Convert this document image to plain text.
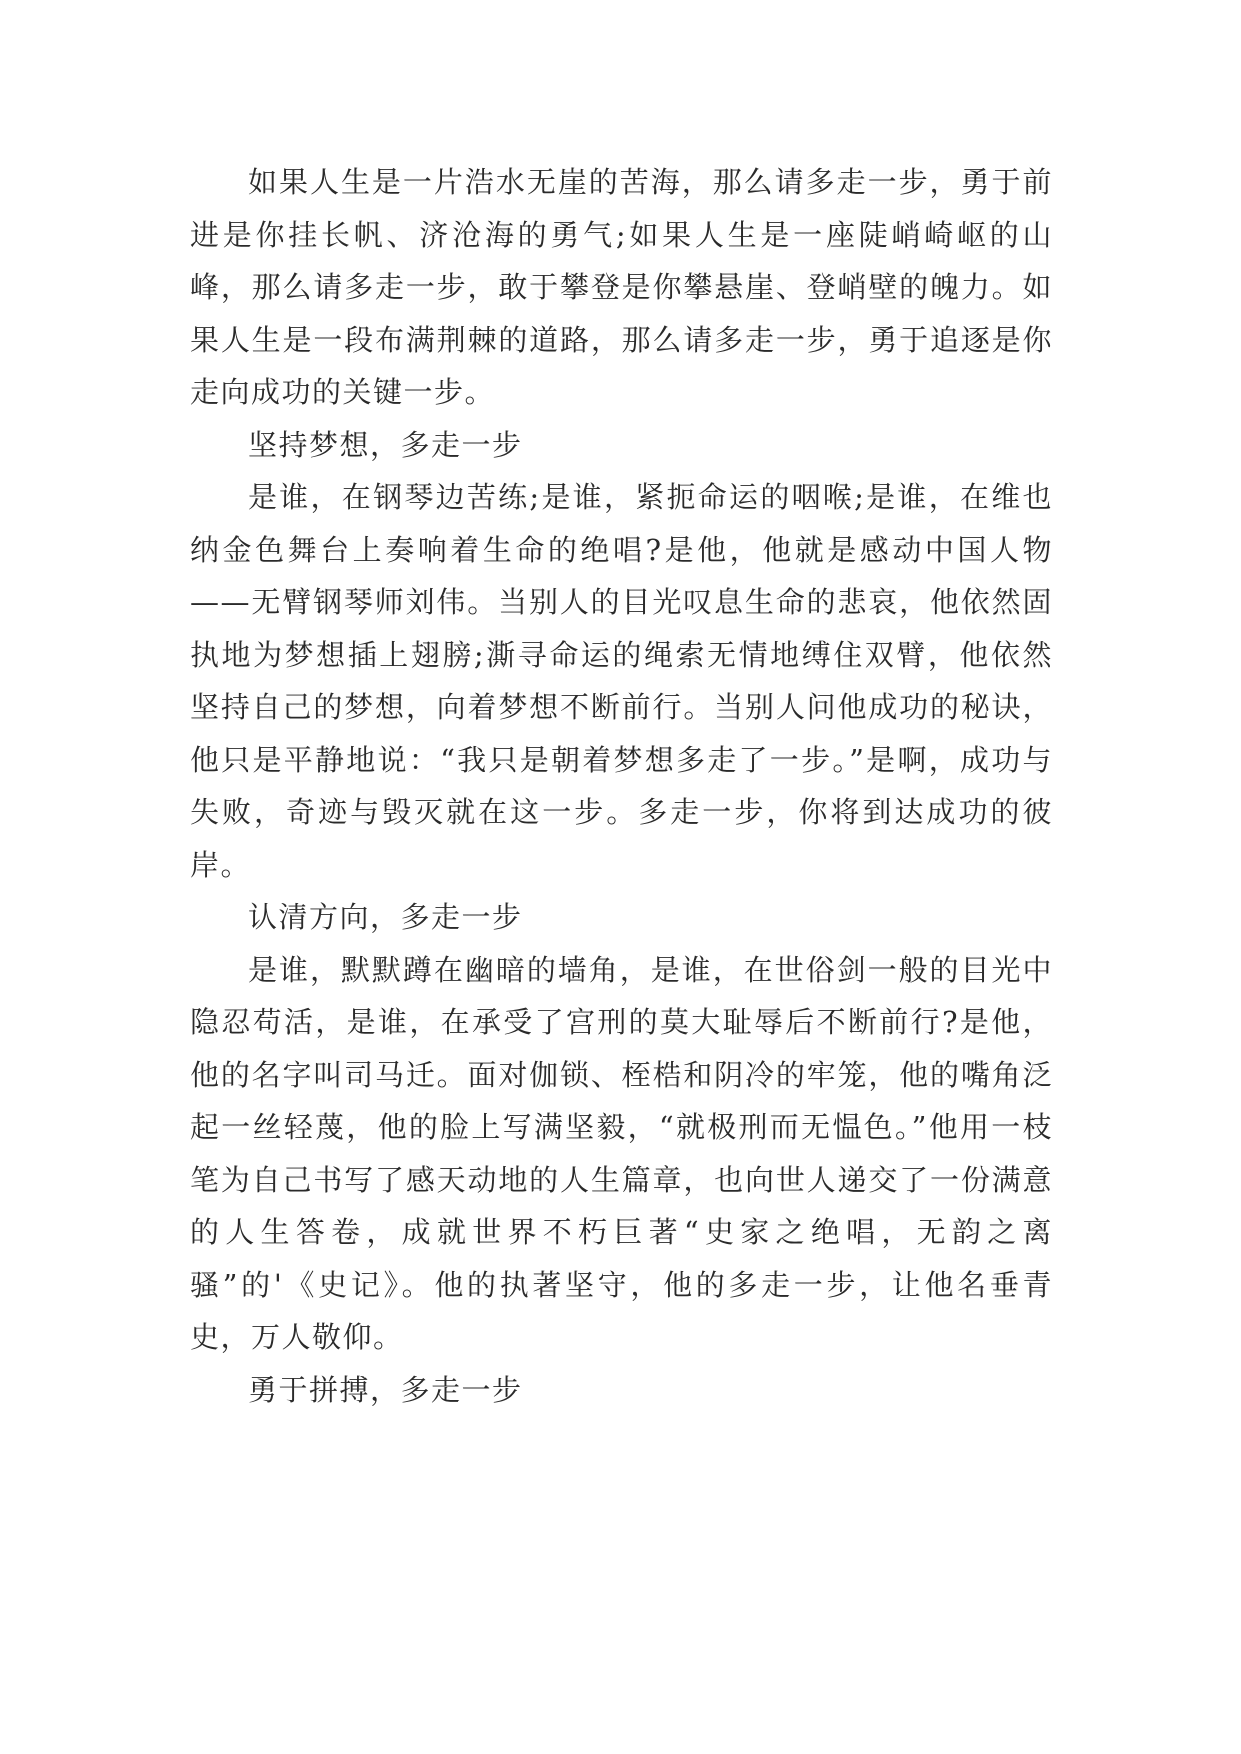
如果人生是一片浩水无崖的苦海，那么请多走一步，勇于前进是你挂长帆、济沧海的勇气;如果人生是一座陡峭崎岖的山峰，那么请多走一步，敢于攀登是你攀悬崖、登峭壁的魄力。如果人生是一段布满荆棘的道路，那么请多走一步，勇于追逐是你走向成功的关键一步。

坚持梦想，多走一步

是谁，在钢琴边苦练;是谁，紧扼命运的咽喉;是谁，在维也纳金色舞台上奏响着生命的绝唱?是他，他就是感动中国人物——无臂钢琴师刘伟。当别人的目光叹息生命的悲哀，他依然固执地为梦想插上翅膀;澌寻命运的绳索无情地缚住双臂，他依然坚持自己的梦想，向着梦想不断前行。当别人问他成功的秘诀，他只是平静地说：“我只是朝着梦想多走了一步。”是啊，成功与失败，奇迹与毁灭就在这一步。多走一步，你将到达成功的彼岸。

认清方向，多走一步

是谁，默默蹲在幽暗的墙角，是谁，在世俗剑一般的目光中隐忍苟活，是谁，在承受了宫刑的莫大耻辱后不断前行?是他，他的名字叫司马迁。面对伽锁、桎梏和阴冷的牢笼，他的嘴角泛起一丝轻蔑，他的脸上写满坚毅，“就极刑而无愠色。”他用一枝笔为自己书写了感天动地的人生篇章，也向世人递交了一份满意的人生答卷，成就世界不朽巨著“史家之绝唱，无韵之离骚”的'《史记》。他的执著坚守，他的多走一步，让他名垂青史，万人敬仰。

勇于拼搏，多走一步
